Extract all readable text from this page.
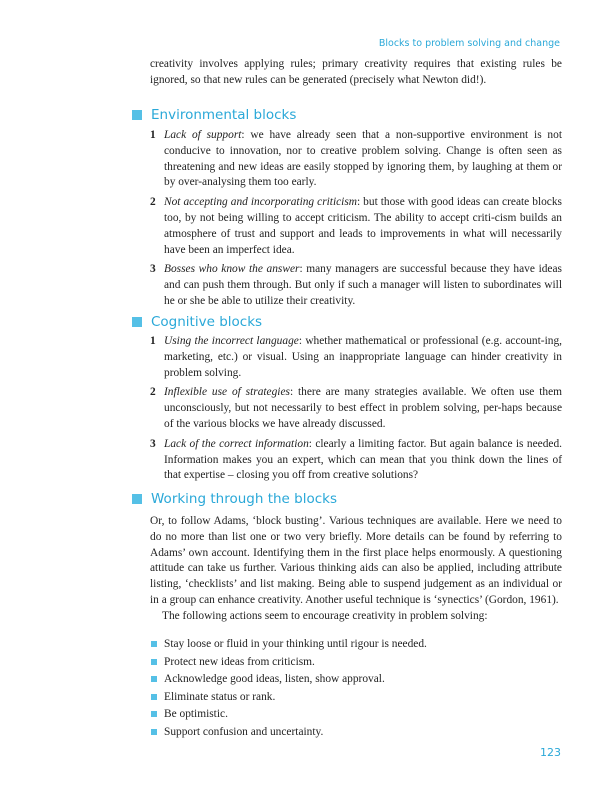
Blocks to problem solving and change
creativity involves applying rules; primary creativity requires that existing rules be ignored, so that new rules can be generated (precisely what Newton did!).
Environmental blocks
1 Lack of support: we have already seen that a non-supportive environment is not conducive to innovation, nor to creative problem solving. Change is often seen as threatening and new ideas are easily stopped by ignoring them, by laughing at them or by over-analysing them too early.
2 Not accepting and incorporating criticism: but those with good ideas can create blocks too, by not being willing to accept criticism. The ability to accept criti-cism builds an atmosphere of trust and support and leads to improvements in what will necessarily have been an imperfect idea.
3 Bosses who know the answer: many managers are successful because they have ideas and can push them through. But only if such a manager will listen to subordinates will he or she be able to utilize their creativity.
Cognitive blocks
1 Using the incorrect language: whether mathematical or professional (e.g. account-ing, marketing, etc.) or visual. Using an inappropriate language can hinder creativity in problem solving.
2 Inflexible use of strategies: there are many strategies available. We often use them unconsciously, but not necessarily to best effect in problem solving, per-haps because of the various blocks we have already discussed.
3 Lack of the correct information: clearly a limiting factor. But again balance is needed. Information makes you an expert, which can mean that you think down the lines of that expertise – closing you off from creative solutions?
Working through the blocks
Or, to follow Adams, ‘block busting’. Various techniques are available. Here we need to do no more than list one or two very briefly. More details can be found by referring to Adams’ own account. Identifying them in the first place helps enormously. A questioning attitude can take us further. Various thinking aids can also be applied, including attribute listing, ‘checklists’ and list making. Being able to suspend judgement as an individual or in a group can enhance creativity. Another useful technique is ‘synectics’ (Gordon, 1961).
The following actions seem to encourage creativity in problem solving:
Stay loose or fluid in your thinking until rigour is needed.
Protect new ideas from criticism.
Acknowledge good ideas, listen, show approval.
Eliminate status or rank.
Be optimistic.
Support confusion and uncertainty.
123
